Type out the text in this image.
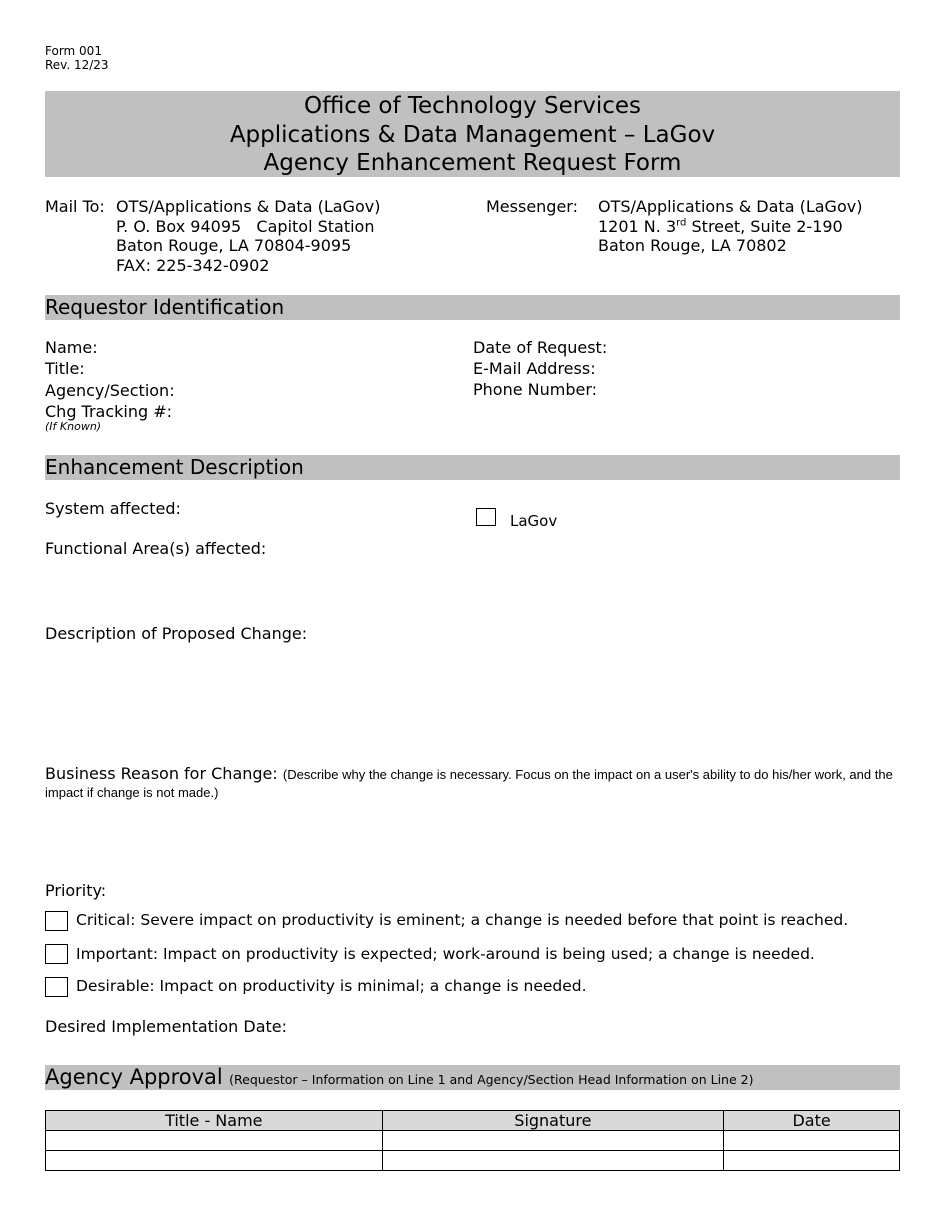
Form 001
Rev. 12/23
Office of Technology Services
Applications & Data Management – LaGov
Agency Enhancement Request Form
Mail To: OTS/Applications & Data (LaGov)
P. O. Box 94095   Capitol Station
Baton Rouge, LA 70804-9095
FAX: 225-342-0902
Messenger: OTS/Applications & Data (LaGov)
1201 N. 3rd Street, Suite 2-190
Baton Rouge, LA 70802
Requestor Identification
Name:
Title:
Agency/Section:
Chg Tracking #:
(If Known)
Date of Request:
E-Mail Address:
Phone Number:
Enhancement Description
System affected:
LaGov
Functional Area(s) affected:
Description of Proposed Change:
Business Reason for Change: (Describe why the change is necessary. Focus on the impact on a user's ability to do his/her work, and the impact if change is not made.)
Priority:
Critical: Severe impact on productivity is eminent; a change is needed before that point is reached.
Important: Impact on productivity is expected; work-around is being used; a change is needed.
Desirable: Impact on productivity is minimal; a change is needed.
Desired Implementation Date:
Agency Approval (Requestor – Information on Line 1 and Agency/Section Head Information on Line 2)
Title - Name	Signature	Date
